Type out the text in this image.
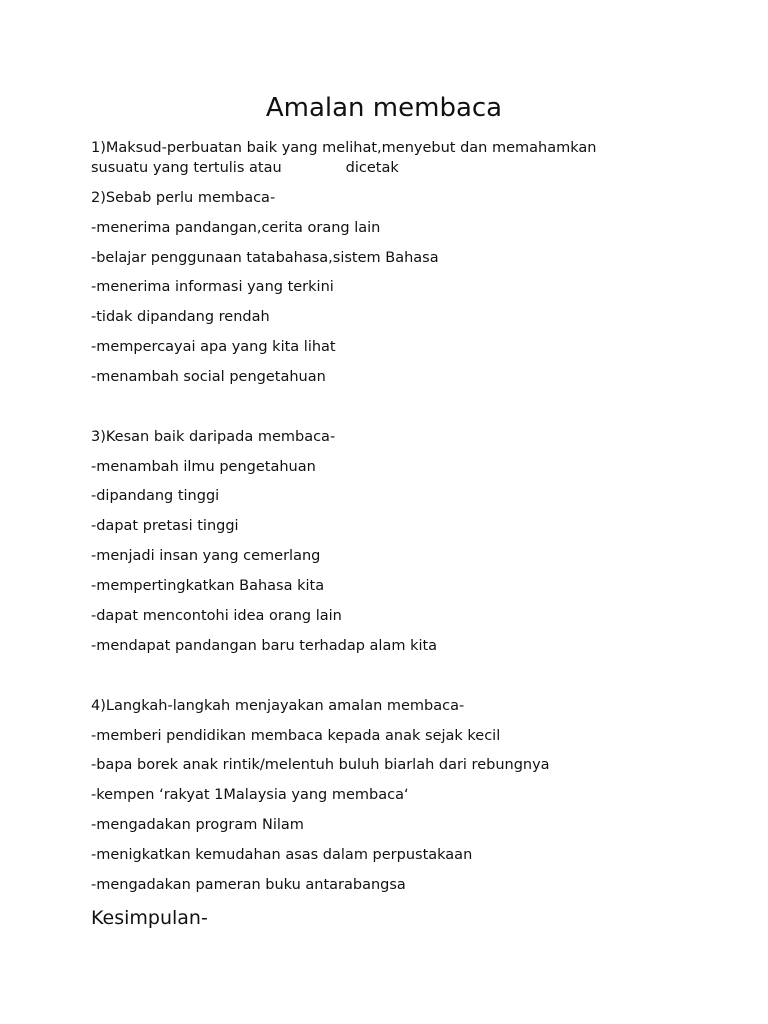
Amalan membaca

1)Maksud-perbuatan baik yang melihat,menyebut dan memahamkan

susuatu yang tertulis atau	dicetak

2)Sebab perlu membaca-

-menerima pandangan,cerita orang lain

-belajar penggunaan tatabahasa,sistem Bahasa

-menerima informasi yang terkini

-tidak dipandang rendah

-mempercayai apa yang kita lihat

-menambah social pengetahuan

3)Kesan baik daripada membaca-

-menambah ilmu pengetahuan

-dipandang tinggi

-dapat pretasi tinggi

-menjadi insan yang cemerlang

-mempertingkatkan Bahasa kita

-dapat mencontohi idea orang lain

-mendapat pandangan baru terhadap alam kita

4)Langkah-langkah menjayakan amalan membaca-

-memberi pendidikan membaca kepada anak sejak kecil

-bapa borek anak rintik/melentuh buluh biarlah dari rebungnya

-kempen ‘rakyat 1Malaysia yang membaca‘

-mengadakan program Nilam

-menigkatkan kemudahan asas dalam perpustakaan

-mengadakan pameran buku antarabangsa

Kesimpulan-
